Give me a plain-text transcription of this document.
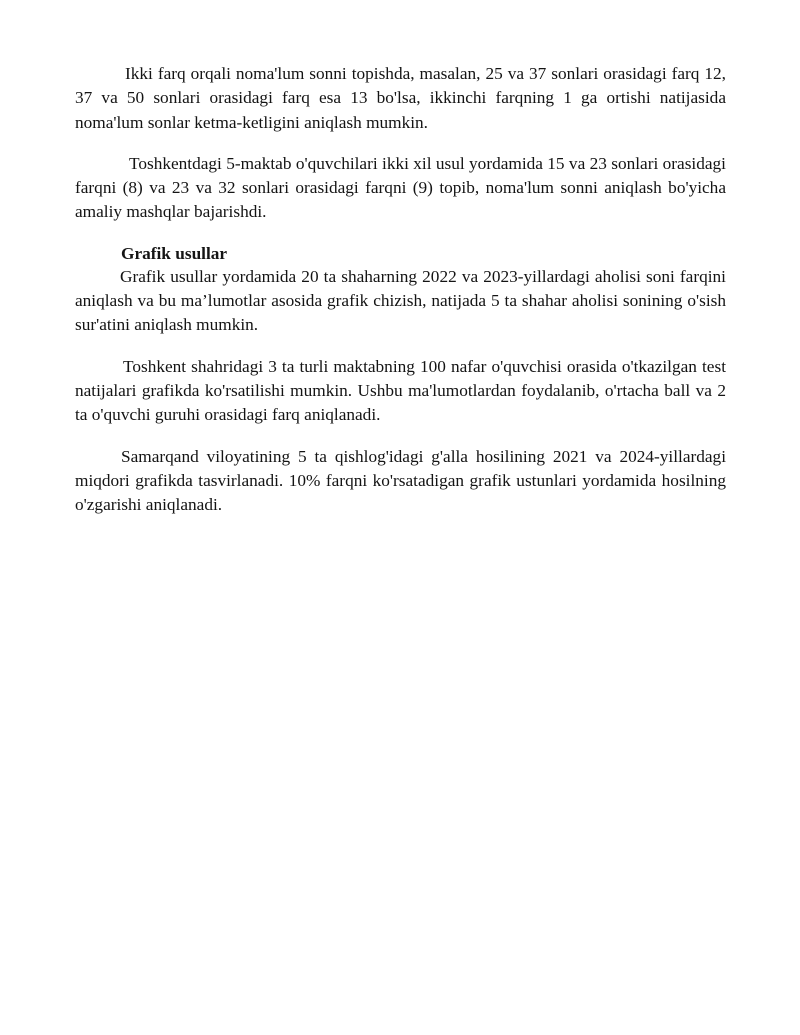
Ikki farq orqali noma'lum sonni topishda, masalan, 25 va 37 sonlari orasidagi farq 12, 37 va 50 sonlari orasidagi farq esa 13 bo'lsa, ikkinchi farqning 1 ga ortishi natijasida noma'lum sonlar ketma-ketligini aniqlash mumkin.

Toshkentdagi 5-maktab o'quvchilari ikki xil usul yordamida 15 va 23 sonlari orasidagi farqni (8) va 23 va 32 sonlari orasidagi farqni (9) topib, noma'lum sonni aniqlash bo'yicha amaliy mashqlar bajarishdi.

Grafik usullar

Grafik usullar yordamida 20 ta shaharning 2022 va 2023-yillardagi aholisi soni farqini aniqlash va bu ma’lumotlar asosida grafik chizish, natijada 5 ta shahar aholisi sonining o'sish sur'atini aniqlash mumkin.

Toshkent shahridagi 3 ta turli maktabning 100 nafar o'quvchisi orasida o'tkazilgan test natijalari grafikda ko'rsatilishi mumkin. Ushbu ma'lumotlardan foydalanib, o'rtacha ball va 2 ta o'quvchi guruhi orasidagi farq aniqlanadi.

Samarqand viloyatining 5 ta qishlog'idagi g'alla hosilining 2021 va 2024-yillardagi miqdori grafikda tasvirlanadi. 10% farqni ko'rsatadigan grafik ustunlari yordamida hosilning o'zgarishi aniqlanadi.
